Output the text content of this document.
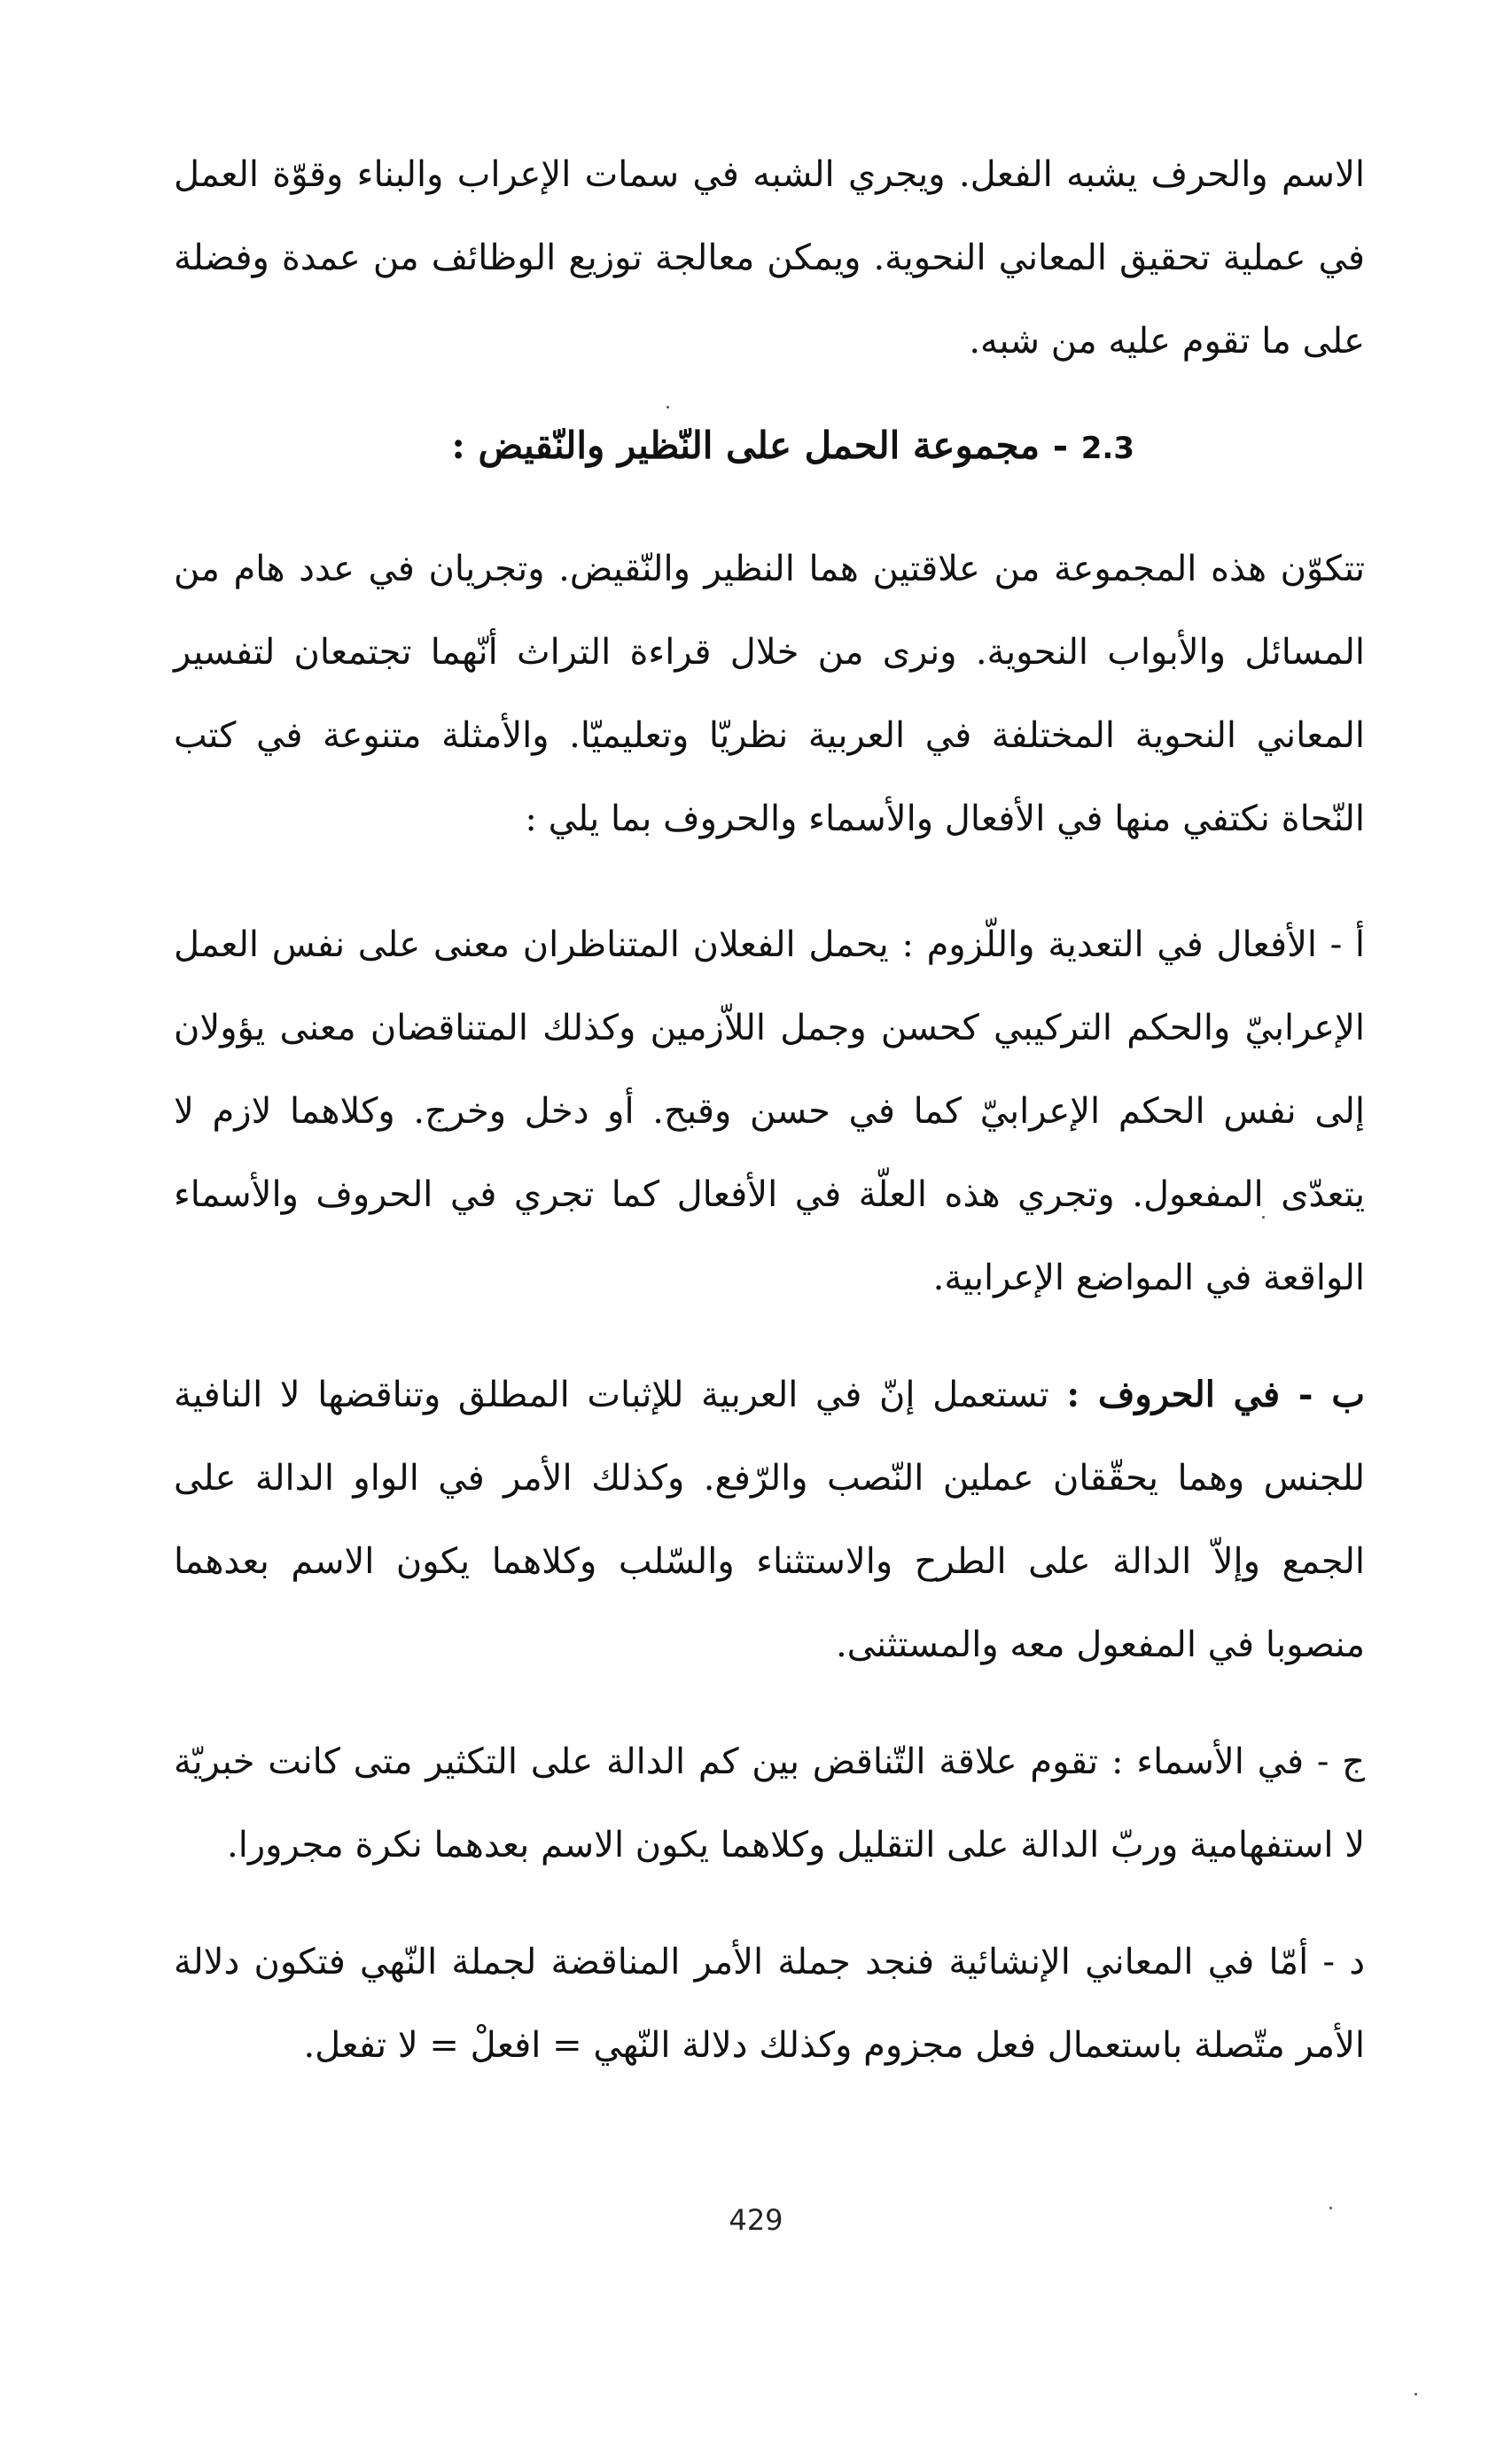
الاسم والحرف يشبه الفعل. ويجري الشبه في سمات الإعراب والبناء وقوّة العمل في عملية تحقيق المعاني النحوية. ويمكن معالجة توزيع الوظائف من عمدة وفضلة على ما تقوم عليه من شبه.

2.3 - مجموعة الحمل على النّظير والنّقيض :

تتكوّن هذه المجموعة من علاقتين هما النظير والنّقيض. وتجريان في عدد هام من المسائل والأبواب النحوية. ونرى من خلال قراءة التراث أنّهما تجتمعان لتفسير المعاني النحوية المختلفة في العربية نظريّا وتعليميّا. والأمثلة متنوعة في كتب النّحاة نكتفي منها في الأفعال والأسماء والحروف بما يلي :

أ - الأفعال في التعدية واللّزوم : يحمل الفعلان المتناظران معنى على نفس العمل الإعرابيّ والحكم التركيبي كحسن وجمل اللاّزمين وكذلك المتناقضان معنى يؤولان إلى نفس الحكم الإعرابيّ كما في حسن وقبح. أو دخل وخرج. وكلاهما لازم لا يتعدّى المفعول. وتجري هذه العلّة في الأفعال كما تجري في الحروف والأسماء الواقعة في المواضع الإعرابية.

ب - في الحروف : تستعمل إنّ في العربية للإثبات المطلق وتناقضها لا النافية للجنس وهما يحقّقان عملين النّصب والرّفع. وكذلك الأمر في الواو الدالة على الجمع وإلاّ الدالة على الطرح والاستثناء والسّلب وكلاهما يكون الاسم بعدهما منصوبا في المفعول معه والمستثنى.

ج - في الأسماء : تقوم علاقة التّناقض بين كم الدالة على التكثير متى كانت خبريّة لا استفهامية وربّ الدالة على التقليل وكلاهما يكون الاسم بعدهما نكرة مجرورا.

د - أمّا في المعاني الإنشائية فنجد جملة الأمر المناقضة لجملة النّهي فتكون دلالة الأمر متّصلة باستعمال فعل مجزوم وكذلك دلالة النّهي = افعلْ = لا تفعل.

429
